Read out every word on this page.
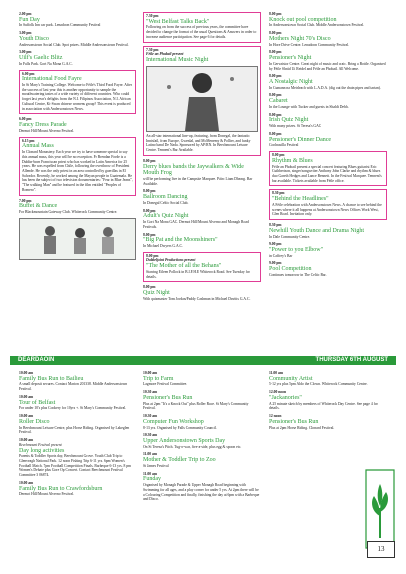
2.00 pm
Fun Day
In Suffolk Inn car park. Lenadoon Community Festival
3.00 pm
Youth Disco
Andersonstown Social Club. Spot prizes. Middle Andersonstown Festival.
3.00 pm
Uilf's Gaelic Blitz
In Falls Park. Gort Na Mona G.A.C.
6.00 pm
International Food Fayre
In St Mary's Training College. Welcome to Féile's Third Food Fayre. After the success of last year this is another opportunity to sample the mouthwatering tastes of a wide variety of different countries. Who could forget last year's delights from the N.I. Filipinos Association, N.I. African Cultural Centre, Ki-Swan chinese womens group? This event is produced in association with Andersonstown News.
6.00 pm
Fancy Dress Parade
Dermot Hill/Mount Alverno Festival.
6.15 pm
Annual Mass
In Clonard Monastery. Each year we try to have someone special to say this annual mass, this year will be no exception. Fr Brendan Forde is a Dublin-born Franciscan priest who has worked in Latin America for 25 years. He was expelled from Chile, following the overthrow of President Allende. He was the only priest in an area controlled by guerillas in El Salvador. Recently, he worked among the Mayan people in Guatemala. He has been the subject of two television documentaries: "Fear in Blue Jeans", "The walking Man" and he featured in the film entitled "Peoples of Romero".
7.00 pm
Buffet & Dance
For Blackmountain Gateway Club. Whiterock Community Centre.
7.30 pm
"West Belfast Talks Back"
Following on from the success of previous years, the committee have decided to change the format of the usual Questions & Answers in order to increase audience participation. See page 6 for details.
7.30 pm
Féile an Phobail present
International Music Night
An all-star international line-up, featuring, from Donegal, the fantastic Innisfail, from Europe, Gwenlal, and McMenemy & Pollier, and funky Latino band De Nada. Sponsored by AP/RN. In Beechmount Leisure Centre. Tennent's Bar Available.
8.00 pm
Derry blues bands the Jaywalkers & Wide Mouth Frog
will be performing live in the Campsite Marquee. Páirc Liam Dhearg. Bar Available.
8.00 pm
Ballroom Dancing
In Donegal Celtic Social Club.
8.00 pm
Adult's Quiz Night
In Gort Na Mona GAC. Dermot Hill/Mount Alverno and Monagh Road Festivals.
8.00 pm
"Big Pat and the Moonshiners"
In Michael Dwyers G.A.C.
8.00 pm
Dubbeljoint Productions present
"The Mother of all the Behans"
Starring Eileen Pollock in B.I.F.H.E Whiterock Road. See Tuesday for details.
8.00 pm
Quiz Night
With quizmaster Tom Jordan/Paddy Cashman in Michael Davitts G.A.C.
8.00 pm
Knock out pool competition
In Andersonstown Social Club. Middle Andersonstown Festival.
8.00 pm
Mothers Night 70's Disco
In Hore Drive Centre. Lenadoon Community Festival.
8.00 pm
Pensioner's Night
In Gervaistor Centre. Great night of music and craic. Bring a Bottle. Organised by Féile Shrúd Ui Reidel and Féile an Phobail. All Welcome.
8.00 pm
A Nostalgic Night
In Cumann na Meirleach with L.A.D.A. (dig out the drain pipes and tartan).
8.00 pm
Cabaret
In the Lounge with Tucker and guests in Shaldt Debh.
8.00 pm
Irish Quiz Night
With many prizes. St Teresa's GAC
8.00 pm
Pensioner's Dinner Dance
Coolnasilla Festival
8.00 pm
Rhythm & Blues
Féile an Phobail present a special concert featuring Blues guitarist Eric Cuthbertson, singer/songwriter Anthony John Clarke and rhythm & blues duo Gareth Hedges and Lance Bennett. In the Festival Marquee. Tennent's bar available. Tickets available from Féile office.
8.30 pm
"Behind the Headlines"
A Féile celebration with Andersonstown News. A chance to see behind the scenes where it all happens at Andersonstown News Offices Work West, Glen Road. Invitation only.
8.30 pm
Newhill Youth Dance and Drama Night
In Dale Community Centre.
9.00 pm
"Power to you Elbow"
in Caffrey's Bar
9.00 pm
Pool Competition
Continues tomorrow in The Celtic Bar.
DÉARDAOIN	THURSDAY 6TH AUGUST
10.00 am
Family Bus Run to Bailieu
A small deposit secures. Contact Marion 201338. Middle Andersonstown Festival.
10.00 am
Tour of Belfast
For under 10's plus Cookery for 10yrs +. St Mary's Community Festival.
10.00 am
Roller Disco
In Beechmount Leisure Centre, plus Horse Riding. Organised by Lakeglen Festival.
10.00 am
Beechmount Festival present
Day long activities
Parents & Toddler Sports day, Beechmount Grove. Youth Club Trip to Glenveagh National Park. 12 noon Fishing Trip 6-11 yrs. 6pm Women's Football Match. 7pm Football Competition Finals. Barbeque 6-13 yrs. 8 pm Women's Debate plus Gore Op Concert. Contact Beechmount Festival Committee 3 06874.
10.00 am
Family Bus Run to Crawfordsburn
Dermot Hill/Mount Alverno Festival.
10.00 am
Trip to Farm
Lagmore Festival Committee.
10.30 am
Pensioner's Bus Run
Plus at 2pm "It's a Knock Out" plus Roller Race. St Mary's Community Festival.
10.30 am
Computer Fun Workshop
8-13 yrs. Organised by Falls Community Council.
10.30 am
Upper Andersonstown Sports Day
On St Teresa's Pitch. Tug-o-war, five-a-side, plus egg & spoon etc.
11.00 am
Mother & Toddler Trip to Zoo
St James Festival
11.00 am
Funday
Organised by Monagh Parade & Upper Monagh Road beginning with Swimming for all ages, and a play corner for under 5 yrs. At 2pm there will be a Colouring Competition and finally, finishing the day at 6pm with a Barbeque and Disco.
11.00 am
Community Artist
5-12 yrs plus 5pm Aldo the Clown. Whiterock Community Centre.
12.00 noon
"Jackanories"
A 25 minute sketch by members of Whiterock Day Centre. See page 4 for details.
12 noon
Pensioner's Bus Run
Plus at 2pm Horse Riding. Clonard Festival.
13
